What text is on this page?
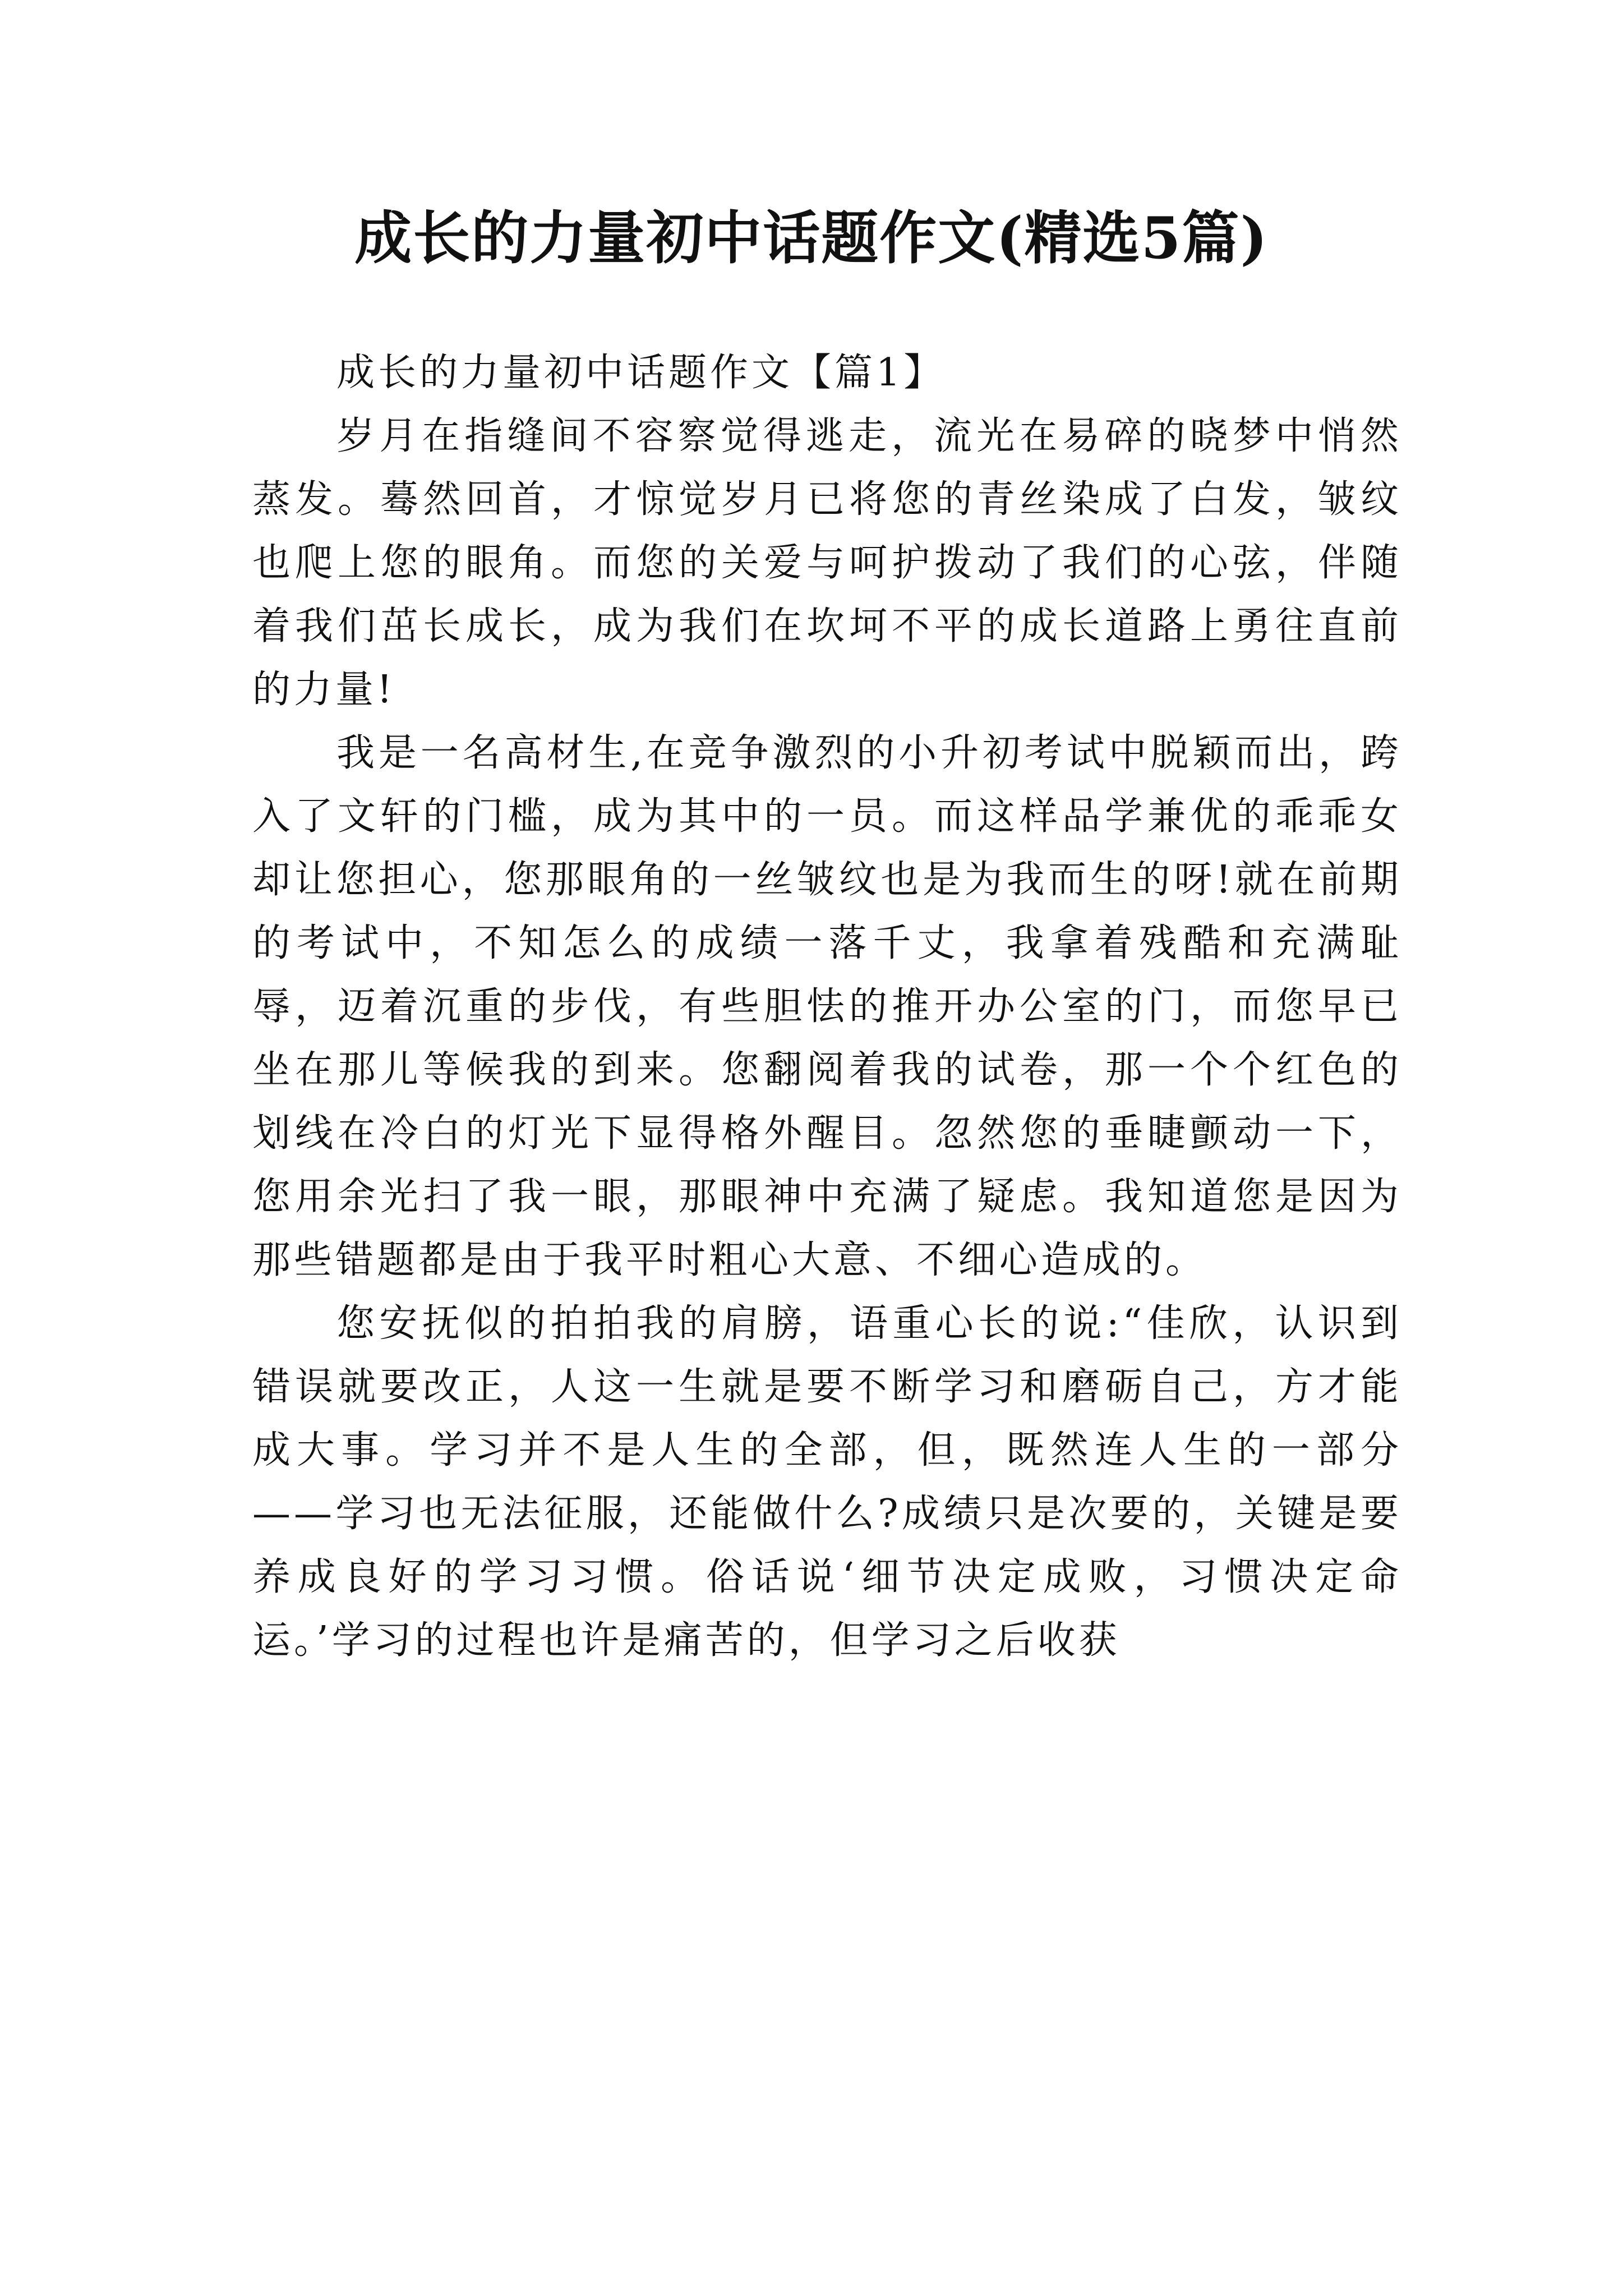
成长的力量初中话题作文(精选5篇)

成长的力量初中话题作文【篇1】

岁月在指缝间不容察觉得逃走，流光在易碎的晓梦中悄然蒸发。蓦然回首，才惊觉岁月已将您的青丝染成了白发，皱纹也爬上您的眼角。而您的关爱与呵护拨动了我们的心弦，伴随着我们茁长成长，成为我们在坎坷不平的成长道路上勇往直前的力量!

我是一名高材生,在竞争激烈的小升初考试中脱颖而出，跨入了文轩的门槛，成为其中的一员。而这样品学兼优的乖乖女却让您担心，您那眼角的一丝皱纹也是为我而生的呀!就在前期的考试中，不知怎么的成绩一落千丈，我拿着残酷和充满耻辱，迈着沉重的步伐，有些胆怯的推开办公室的门，而您早已坐在那儿等候我的到来。您翻阅着我的试卷，那一个个红色的划线在冷白的灯光下显得格外醒目。忽然您的垂睫颤动一下，您用余光扫了我一眼，那眼神中充满了疑虑。我知道您是因为那些错题都是由于我平时粗心大意、不细心造成的。

您安抚似的拍拍我的肩膀，语重心长的说:“佳欣，认识到错误就要改正，人这一生就是要不断学习和磨砺自己，方才能成大事。学习并不是人生的全部，但，既然连人生的一部分——学习也无法征服，还能做什么?成绩只是次要的，关键是要养成良好的学习习惯。俗话说‘细节决定成败，习惯决定命运。’学习的过程也许是痛苦的，但学习之后收获
